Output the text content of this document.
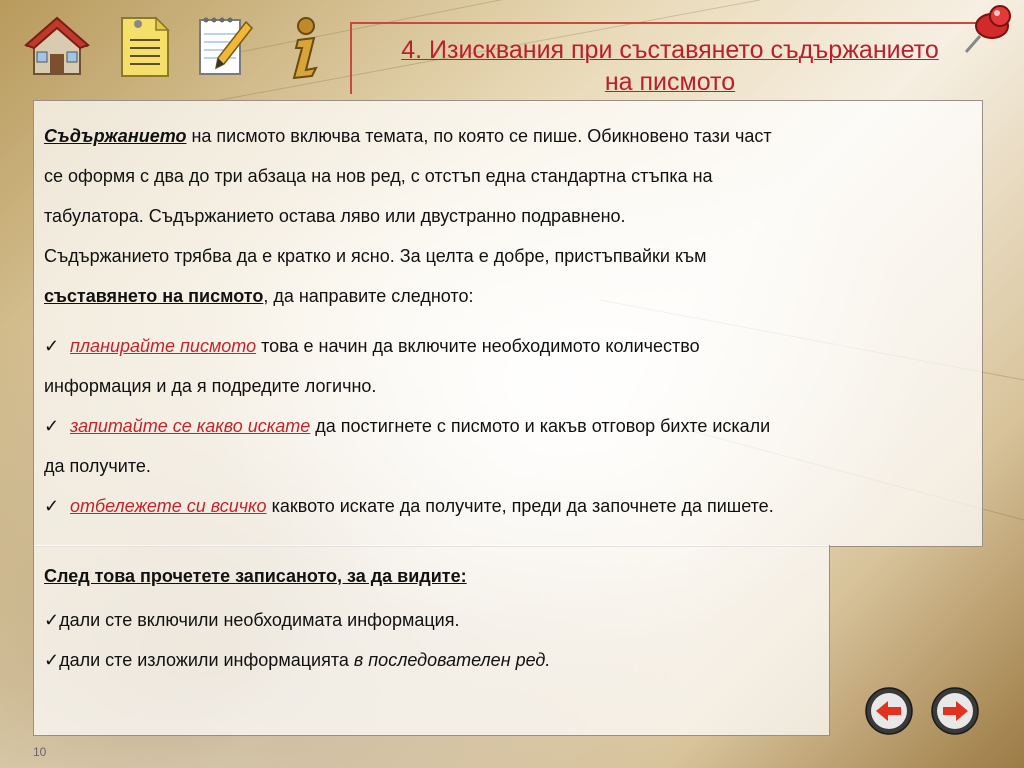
4. Изисквания при съставянето съдържанието
на писмото

Съдържанието на писмото включва темата, по която се пише. Обикновено тази част

се оформя с два до три абзаца на нов ред, с отстъп една стандартна стъпка на

табулатора. Съдържанието остава ляво или двустранно подравнено.

Съдържанието трябва да е кратко и ясно. За целта е добре, пристъпвайки към

съставянето на писмото, да направите следното:

✓ планирайте писмото това е начин да включите необходимото количество

информация и да я подредите логично.

✓ запитайте се какво искате да постигнете с писмото и какъв отговор бихте искали

да получите.

✓ отбележете си всичко каквото искате да получите, преди да започнете да пишете.

След това прочетете записаното, за да видите:

✓дали сте включили необходимата информация.

✓дали сте изложили информацията в последователен ред.

10
